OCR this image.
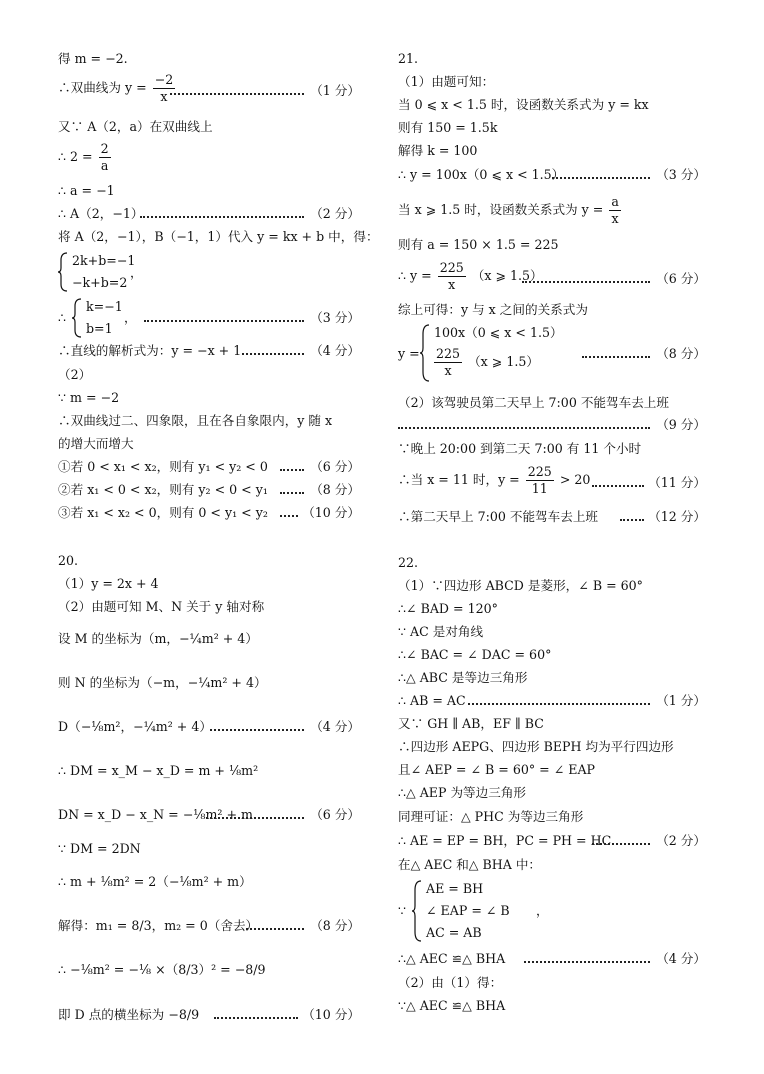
得 m = −2.
∴双曲线为 $y = \frac{-2}{x}$	（1 分）
又∵ A（2，a）在双曲线上
∴ $2 = \frac{2}{a}$
∴ a = −1
∴ A（2，−1）	（2 分）
将 A（2，−1），B（−1，1）代入 y = kx + b 中，得：
2k+b=−1
−k+b=2
，
∴
k=−1
b=1
，	（3 分）
∴直线的解析式为：y = −x + 1	（4 分）
（2）
∵ m = −2
∴双曲线过二、四象限，且在各自象限内，y 随 x
的增大而增大
①若 0 < x₁ < x₂，则有 y₁ < y₂ < 0	（6 分）
②若 x₁ < 0 < x₂，则有 y₂ < 0 < y₁	（8 分）
③若 x₁ < x₂ < 0，则有 0 < y₁ < y₂	（10 分）
20.
（1）y = 2x + 4
（2）由题可知 M、N 关于 y 轴对称
设 M 的坐标为（m，−¼m² + 4）
则 N 的坐标为（−m，−¼m² + 4）
D（−⅛m²，−¼m² + 4）	（4 分）
∴ DM = x_M − x_D = m + ⅛m²
DN = x_D − x_N = −⅛m² + m	（6 分）
∵ DM = 2DN
∴ m + ⅛m² = 2（−⅛m² + m）
解得：m₁ = 8/3，m₂ = 0（舍去）	（8 分）
∴ −⅛m² = −⅛ ×（8/3）² = −8/9
即 D 点的横坐标为 −8/9	（10 分）
21.
（1）由题可知：
当 0 ⩽ x < 1.5 时，设函数关系式为 y = kx
则有 150 = 1.5k
解得 k = 100
∴ y = 100x（0 ⩽ x < 1.5）	（3 分）
当 x ⩾ 1.5 时，设函数关系式为 $y = \frac{a}{x}$
则有 a = 150 × 1.5 = 225
∴ $y = \frac{225}{x} (x$ ⩾ 1.5）	（6 分）
综上可得：y 与 x 之间的关系式为
y =
100x（0 ⩽ x < 1.5）
$\frac{225}{x} (x$ ⩾ 1.5）
（8 分）
（2）该驾驶员第二天早上 7:00 不能驾车去上班
（9 分）
∵晚上 20:00 到第二天 7:00 有 11 个小时
∴当 x = 11 时，$y = \frac{225}{11} > 20$	（11 分）
∴第二天早上 7:00 不能驾车去上班	（12 分）
22.
（1）∵四边形 ABCD 是菱形，∠ B = 60°
∴∠ BAD = 120°
∵ AC 是对角线
∴∠ BAC = ∠ DAC = 60°
∴△ ABC 是等边三角形
∴ AB = AC	（1 分）
又∵ GH ∥ AB，EF ∥ BC
∴四边形 AEPG、四边形 BEPH 均为平行四边形
且∠ AEP = ∠ B = 60° = ∠ EAP
∴△ AEP 为等边三角形
同理可证：△ PHC 为等边三角形
∴ AE = EP = BH，PC = PH = HC	（2 分）
在△ AEC 和△ BHA 中：
∵
AE = BH
∠ EAP = ∠ B
AC = AB
，
∴△ AEC ≌△ BHA	（4 分）
（2）由（1）得：
∵△ AEC ≌△ BHA
